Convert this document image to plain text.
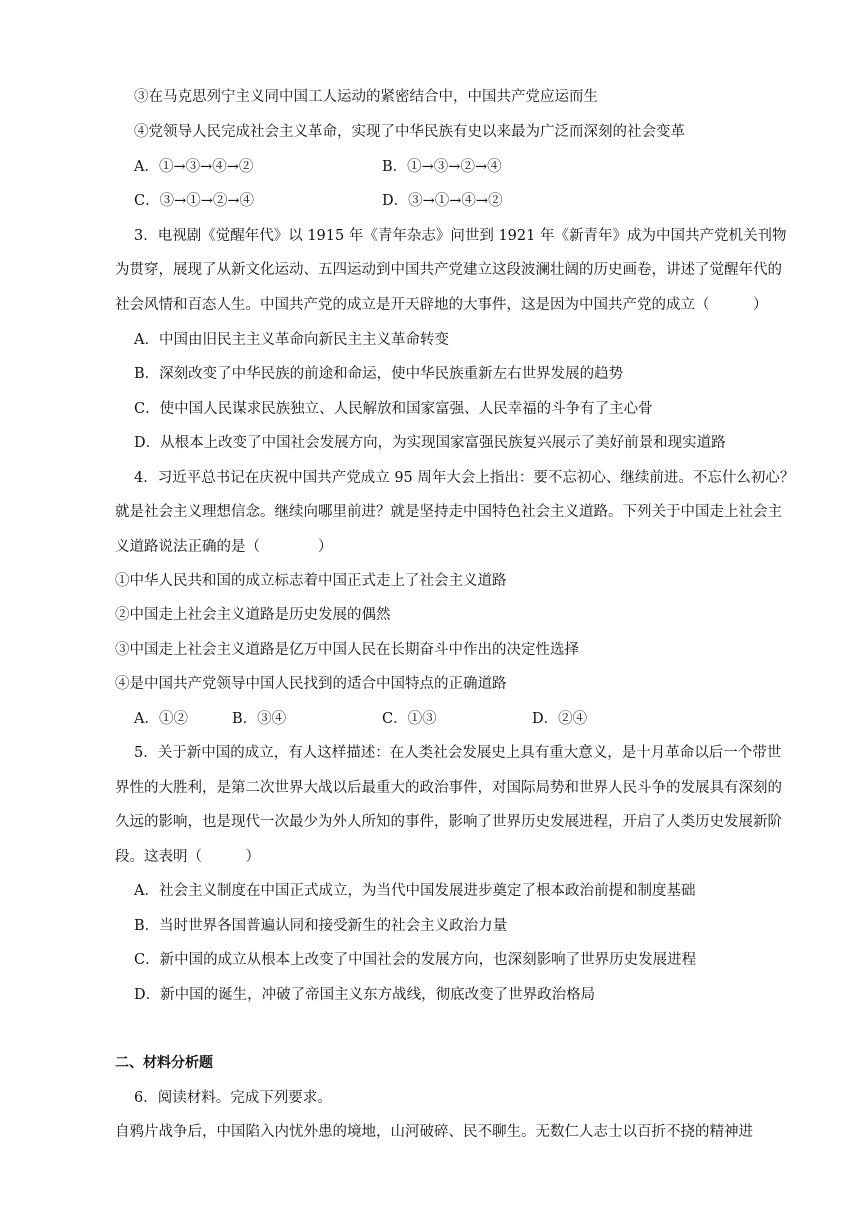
③在马克思列宁主义同中国工人运动的紧密结合中，中国共产党应运而生
④党领导人民完成社会主义革命，实现了中华民族有史以来最为广泛而深刻的社会变革
A．①→③→④→②	B．①→③→②→④
C．③→①→②→④	D．③→①→④→②
3．电视剧《觉醒年代》以 1915 年《青年杂志》问世到 1921 年《新青年》成为中国共产党机关刊物
为贯穿，展现了从新文化运动、五四运动到中国共产党建立这段波澜壮阔的历史画卷，讲述了觉醒年代的
社会风情和百态人生。中国共产党的成立是开天辟地的大事件，这是因为中国共产党的成立（　　　）
A．中国由旧民主主义革命向新民主主义革命转变
B．深刻改变了中华民族的前途和命运，使中华民族重新左右世界发展的趋势
C．使中国人民谋求民族独立、人民解放和国家富强、人民幸福的斗争有了主心骨
D．从根本上改变了中国社会发展方向，为实现国家富强民族复兴展示了美好前景和现实道路
4．习近平总书记在庆祝中国共产党成立 95 周年大会上指出：要不忘初心、继续前进。不忘什么初心？
就是社会主义理想信念。继续向哪里前进？就是坚持走中国特色社会主义道路。下列关于中国走上社会主
义道路说法正确的是（　　　　）
①中华人民共和国的成立标志着中国正式走上了社会主义道路
②中国走上社会主义道路是历史发展的偶然
③中国走上社会主义道路是亿万中国人民在长期奋斗中作出的决定性选择
④是中国共产党领导中国人民找到的适合中国特点的正确道路
A．①②	B．③④	C．①③	D．②④
5．关于新中国的成立，有人这样描述：在人类社会发展史上具有重大意义，是十月革命以后一个带世
界性的大胜利，是第二次世界大战以后最重大的政治事件，对国际局势和世界人民斗争的发展具有深刻的
久远的影响，也是现代一次最少为外人所知的事件，影响了世界历史发展进程，开启了人类历史发展新阶
段。这表明（　　　）
A．社会主义制度在中国正式成立，为当代中国发展进步奠定了根本政治前提和制度基础
B．当时世界各国普遍认同和接受新生的社会主义政治力量
C．新中国的成立从根本上改变了中国社会的发展方向，也深刻影响了世界历史发展进程
D．新中国的诞生，冲破了帝国主义东方战线，彻底改变了世界政治格局
二、材料分析题
6．阅读材料。完成下列要求。
自鸦片战争后，中国陷入内忧外患的境地，山河破碎、民不聊生。无数仁人志士以百折不挠的精神进
